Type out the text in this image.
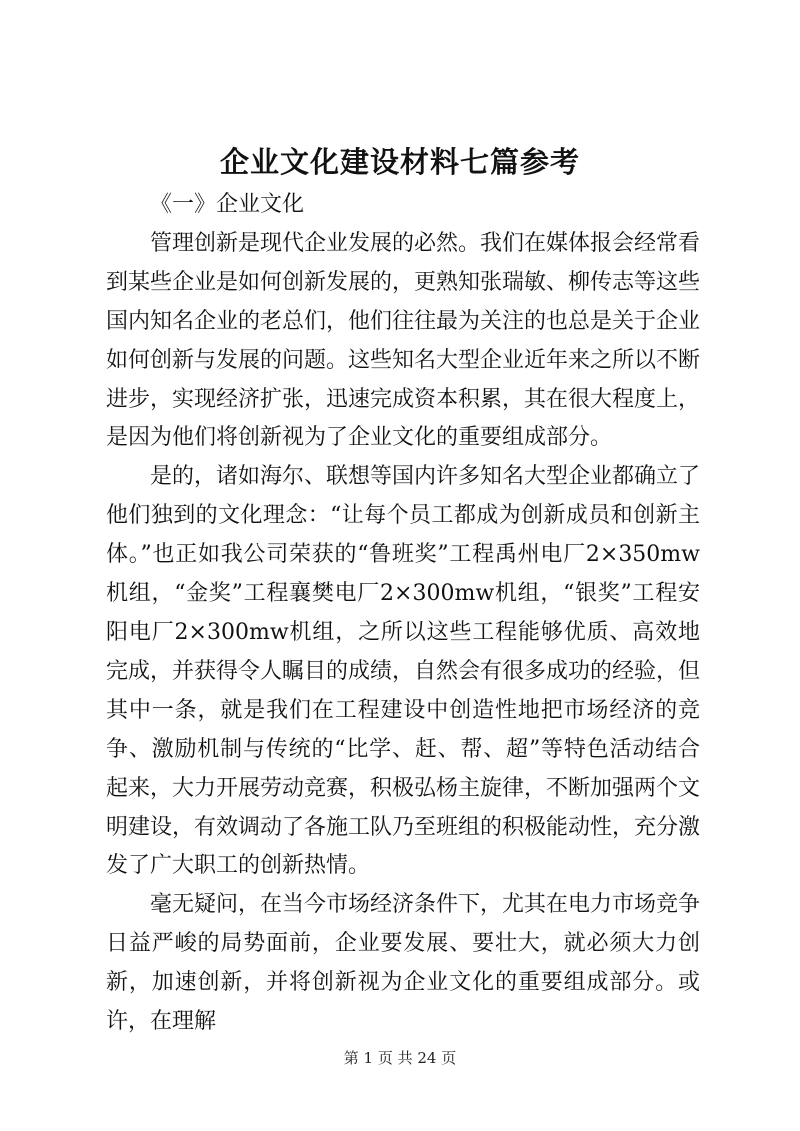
企业文化建设材料七篇参考

《一》企业文化

管理创新是现代企业发展的必然。我们在媒体报会经常看到某些企业是如何创新发展的，更熟知张瑞敏、柳传志等这些国内知名企业的老总们，他们往往最为关注的也总是关于企业如何创新与发展的问题。这些知名大型企业近年来之所以不断进步，实现经济扩张，迅速完成资本积累，其在很大程度上，是因为他们将创新视为了企业文化的重要组成部分。

是的，诸如海尔、联想等国内许多知名大型企业都确立了他们独到的文化理念：“让每个员工都成为创新成员和创新主体。”也正如我公司荣获的“鲁班奖”工程禹州电厂2×350mw机组，“金奖”工程襄樊电厂2×300mw机组，“银奖”工程安阳电厂2×300mw机组，之所以这些工程能够优质、高效地完成，并获得令人瞩目的成绩，自然会有很多成功的经验，但其中一条，就是我们在工程建设中创造性地把市场经济的竞争、激励机制与传统的“比学、赶、帮、超”等特色活动结合起来，大力开展劳动竞赛，积极弘杨主旋律，不断加强两个文明建设，有效调动了各施工队乃至班组的积极能动性，充分激发了广大职工的创新热情。

毫无疑问，在当今市场经济条件下，尤其在电力市场竞争日益严峻的局势面前，企业要发展、要壮大，就必须大力创新，加速创新，并将创新视为企业文化的重要组成部分。或许，在理解

第 1 页 共 24 页
